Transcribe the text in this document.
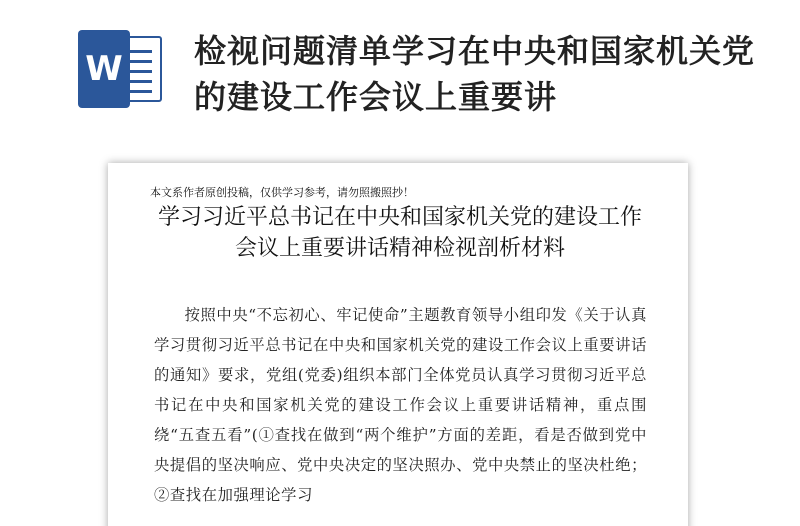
W 检视问题清单学习在中央和国家机关党的建设工作会议上重要讲
本文系作者原创投稿，仅供学习参考，请勿照搬照抄！
学习习近平总书记在中央和国家机关党的建设工作会议上重要讲话精神检视剖析材料
按照中央“不忘初心、牢记使命”主题教育领导小组印发《关于认真学习贯彻习近平总书记在中央和国家机关党的建设工作会议上重要讲话的通知》要求，党组(党委)组织本部门全体党员认真学习贯彻习近平总书记在中央和国家机关党的建设工作会议上重要讲话精神，重点围绕“五查五看”(①查找在做到“两个维护”方面的差距，看是否做到党中央提倡的坚决响应、党中央决定的坚决照办、党中央禁止的坚决杜绝；②查找在加强理论学习
